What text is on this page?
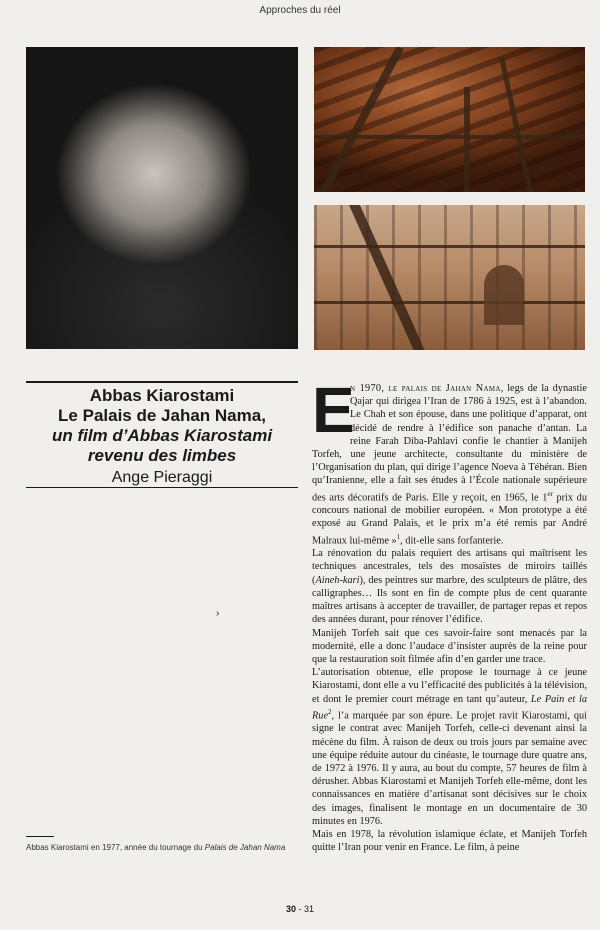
Approches du réel
Abbas Kiarostami
Le Palais de Jahan Nama,
un film d’Abbas Kiarostami
revenu des limbes
Ange Pieraggi
›
Abbas Kiarostami en 1977, année du tournage du Palais de Jahan Nama

E
n 1970, le palais de Jahan Nama, legs de la dynastie Qajar qui dirigea l’Iran de 1786 à 1925, est à l’abandon. Le Chah et son épouse, dans une politique d’apparat, ont décidé de rendre à l’édifice son panache d’antan. La reine Farah Diba-Pahlavi confie le chantier à Manijeh Torfeh, une jeune architecte, consultante du ministère de l’Organisation du plan, qui dirige l’agence Noeva à Téhéran. Bien qu’Iranienne, elle a fait ses études à l’École nationale supérieure des arts décoratifs de Paris. Elle y reçoit, en 1965, le 1er prix du concours national de mobilier européen. « Mon prototype a été exposé au Grand Palais, et le prix m’a été remis par André Malraux lui-même »$^1$, dit-elle sans forfanterie.

La rénovation du palais requiert des artisans qui maîtrisent les techniques ancestrales, tels des mosaïstes de miroirs taillés (Aineh-kari), des peintres sur marbre, des sculpteurs de plâtre, des calligraphes… Ils sont en fin de compte plus de cent quarante maîtres artisans à accepter de travailler, de partager repas et repos des années durant, pour rénover l’édifice.

Manijeh Torfeh sait que ces savoir-faire sont menacés par la modernité, elle a donc l’audace d’insister auprès de la reine pour que la restauration soit filmée afin d’en garder une trace.

L’autorisation obtenue, elle propose le tournage à ce jeune Kiarostami, dont elle a vu l’efficacité des publicités à la télévision, et dont le premier court métrage en tant qu’auteur, Le Pain et la Rue$^2$, l’a marquée par son épure. Le projet ravit Kiarostami, qui signe le contrat avec Manijeh Torfeh, celle-ci devenant ainsi la mécène du film. À raison de deux ou trois jours par semaine avec une équipe réduite autour du cinéaste, le tournage dure quatre ans, de 1972 à 1976. Il y aura, au bout du compte, 57 heures de film à dérusher. Abbas Kiarostami et Manijeh Torfeh elle-même, dont les connaissances en matière d’artisanat sont décisives sur le choix des images, finalisent le montage en un documentaire de 30 minutes en 1976.

Mais en 1978, la révolution islamique éclate, et Manijeh Torfeh quitte l’Iran pour venir en France. Le film, à peine

30 - 31
